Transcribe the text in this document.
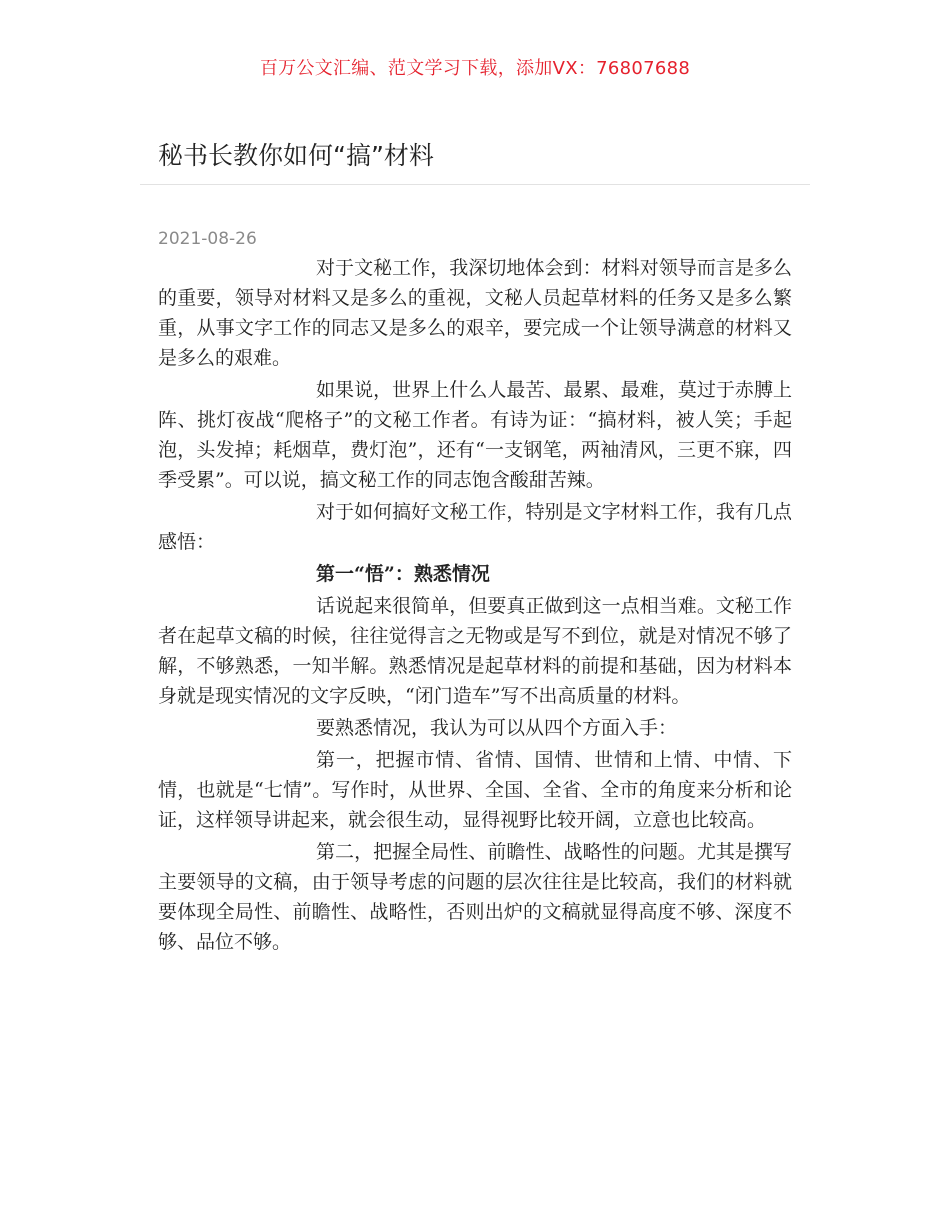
百万公文汇编、范文学习下载，添加VX：76807688
秘书长教你如何“搞”材料
2021-08-26

对于文秘工作，我深切地体会到：材料对领导而言是多么的重要，领导对材料又是多么的重视，文秘人员起草材料的任务又是多么繁重，从事文字工作的同志又是多么的艰辛，要完成一个让领导满意的材料又是多么的艰难。

如果说，世界上什么人最苦、最累、最难，莫过于赤膊上阵、挑灯夜战“爬格子”的文秘工作者。有诗为证：“搞材料，被人笑；手起泡，头发掉；耗烟草，费灯泡”，还有“一支钢笔，两袖清风，三更不寐，四季受累”。可以说，搞文秘工作的同志饱含酸甜苦辣。

对于如何搞好文秘工作，特别是文字材料工作，我有几点感悟：

第一“悟”：熟悉情况

话说起来很简单，但要真正做到这一点相当难。文秘工作者在起草文稿的时候，往往觉得言之无物或是写不到位，就是对情况不够了解，不够熟悉，一知半解。熟悉情况是起草材料的前提和基础，因为材料本身就是现实情况的文字反映，“闭门造车”写不出高质量的材料。

要熟悉情况，我认为可以从四个方面入手：

第一，把握市情、省情、国情、世情和上情、中情、下情，也就是“七情”。写作时，从世界、全国、全省、全市的角度来分析和论证，这样领导讲起来，就会很生动，显得视野比较开阔，立意也比较高。

第二，把握全局性、前瞻性、战略性的问题。尤其是撰写主要领导的文稿，由于领导考虑的问题的层次往往是比较高，我们的材料就要体现全局性、前瞻性、战略性，否则出炉的文稿就显得高度不够、深度不够、品位不够。
